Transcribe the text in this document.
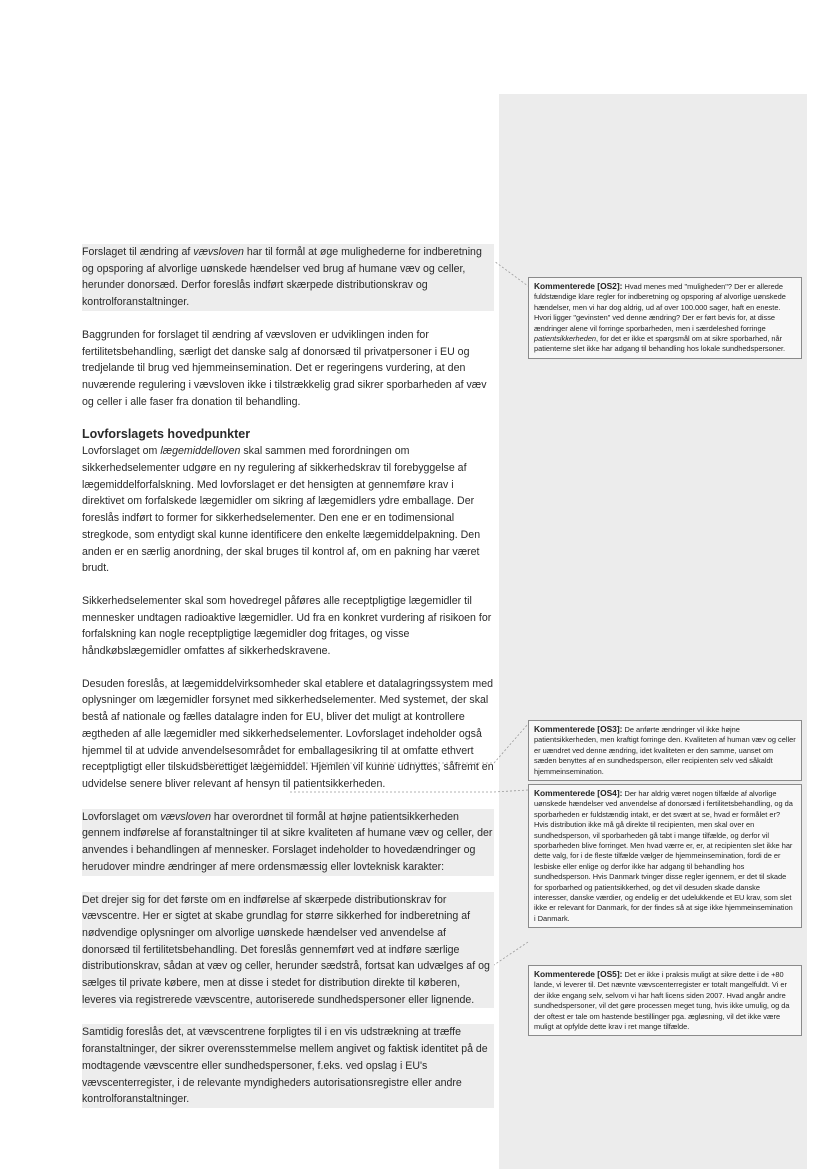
Forslaget til ændring af vævsloven har til formål at øge mulighederne for indberetning og opsporing af alvorlige uønskede hændelser ved brug af humane væv og celler, herunder donorsæd. Derfor foreslås indført skærpede distributionskrav og kontrolforanstaltninger.

Baggrunden for forslaget til ændring af vævsloven er udviklingen inden for fertilitetsbehandling, særligt det danske salg af donorsæd til privatpersoner i EU og tredjelande til brug ved hjemmeinsemination. Det er regeringens vurdering, at den nuværende regulering i vævsloven ikke i tilstrækkelig grad sikrer sporbarheden af væv og celler i alle faser fra donation til behandling.

Lovforslagets hovedpunkter

Lovforslaget om lægemiddelloven skal sammen med forordningen om sikkerhedselementer udgøre en ny regulering af sikkerhedskrav til forebyggelse af lægemiddelforfalskning. Med lovforslaget er det hensigten at gennemføre krav i direktivet om forfalskede lægemidler om sikring af lægemidlers ydre emballage. Der foreslås indført to former for sikkerhedselementer. Den ene er en todimensional stregkode, som entydigt skal kunne identificere den enkelte lægemiddelpakning. Den anden er en særlig anordning, der skal bruges til kontrol af, om en pakning har været brudt.

Sikkerhedselementer skal som hovedregel påføres alle receptpligtige lægemidler til mennesker undtagen radioaktive lægemidler. Ud fra en konkret vurdering af risikoen for forfalskning kan nogle receptpligtige lægemidler dog fritages, og visse håndkøbslægemidler omfattes af sikkerhedskravene.

Desuden foreslås, at lægemiddelvirksomheder skal etablere et datalagringssystem med oplysninger om lægemidler forsynet med sikkerhedselementer. Med systemet, der skal bestå af nationale og fælles datalagre inden for EU, bliver det muligt at kontrollere ægtheden af alle lægemidler med sikkerhedselementer. Lovforslaget indeholder også hjemmel til at udvide anvendelsesområdet for emballagesikring til at omfatte ethvert receptpligtigt eller tilskudsberettiget lægemiddel. Hjemlen vil kunne udnyttes, såfremt en udvidelse senere bliver relevant af hensyn til patientsikkerheden.

Lovforslaget om vævsloven har overordnet til formål at højne patientsikkerheden gennem indførelse af foranstaltninger til at sikre kvaliteten af humane væv og celler, der anvendes i behandlingen af mennesker. Forslaget indeholder to hovedændringer og herudover mindre ændringer af mere ordensmæssig eller lovteknisk karakter:

Det drejer sig for det første om en indførelse af skærpede distributionskrav for vævscentre. Her er sigtet at skabe grundlag for større sikkerhed for indberetning af nødvendige oplysninger om alvorlige uønskede hændelser ved anvendelse af donorsæd til fertilitetsbehandling. Det foreslås gennemført ved at indføre særlige distributionskrav, sådan at væv og celler, herunder sædstrå, fortsat kan udvælges af og sælges til private købere, men at disse i stedet for distribution direkte til køberen, leveres via registrerede vævscentre, autoriserede sundhedspersoner eller lignende.

Samtidig foreslås det, at vævscentrene forpligtes til i en vis udstrækning at træffe foranstaltninger, der sikrer overensstemmelse mellem angivet og faktisk identitet på de modtagende vævscentre eller sundhedspersoner, f.eks. ved opslag i EU's vævscenterregister, i de relevante myndigheders autorisationsregistre eller andre kontrolforanstaltninger.

Kommenterede [OS2]: Hvad menes med "muligheden"? Der er allerede fuldstændige klare regler for indberetning og opsporing af alvorlige uønskede hændelser, men vi har dog aldrig, ud af over 100.000 sager, haft en eneste. Hvori ligger "gevinsten" ved denne ændring? Der er ført bevis for, at disse ændringer alene vil forringe sporbarheden, men i særdeleshed forringe patientsikkerheden, for det er ikke et spørgsmål om at sikre sporbarhed, når patienterne slet ikke har adgang til behandling hos lokale sundhedspersoner.

Kommenterede [OS3]: De anførte ændringer vil ikke højne patientsikkerheden, men kraftigt forringe den. Kvaliteten af human væv og celler er uændret ved denne ændring, idet kvaliteten er den samme, uanset om sæden benyttes af en sundhedsperson, eller recipienten selv ved såkaldt hjemmeinsemination.

Kommenterede [OS4]: Der har aldrig været nogen tilfælde af alvorlige uønskede hændelser ved anvendelse af donorsæd i fertilitetsbehandling, og da sporbarheden er fuldstændig intakt, er det svært at se, hvad er formålet er?

Hvis distribution ikke må gå direkte til recipienten, men skal over en sundhedsperson, vil sporbarheden gå tabt i mange tilfælde, og derfor vil sporbarheden blive forringet. Men hvad værre er, er, at recipienten slet ikke har dette valg, for i de fleste tilfælde vælger de hjemmeinsemination, fordi de er lesbiske eller enlige og derfor ikke har adgang til behandling hos sundhedsperson. Hvis Danmark tvinger disse regler igennem, er det til skade for sporbarhed og patientsikkerhed, og det vil desuden skade danske interesser, danske værdier, og endelig er det udelukkende et EU krav, som slet ikke er relevant for Danmark, for der findes så at sige ikke hjemmeinsemination i Danmark.

Kommenterede [OS5]: Det er ikke i praksis muligt at sikre dette i de +80 lande, vi leverer til. Det nævnte vævscenterregister er totalt mangelfuldt. Vi er der ikke engang selv, selvom vi har haft licens siden 2007. Hvad angår andre sundhedspersoner, vil det gøre processen meget tung, hvis ikke umulig, og da der oftest er tale om hastende bestillinger pga. ægløsning, vil det ikke være muligt at opfylde dette krav i ret mange tilfælde.
